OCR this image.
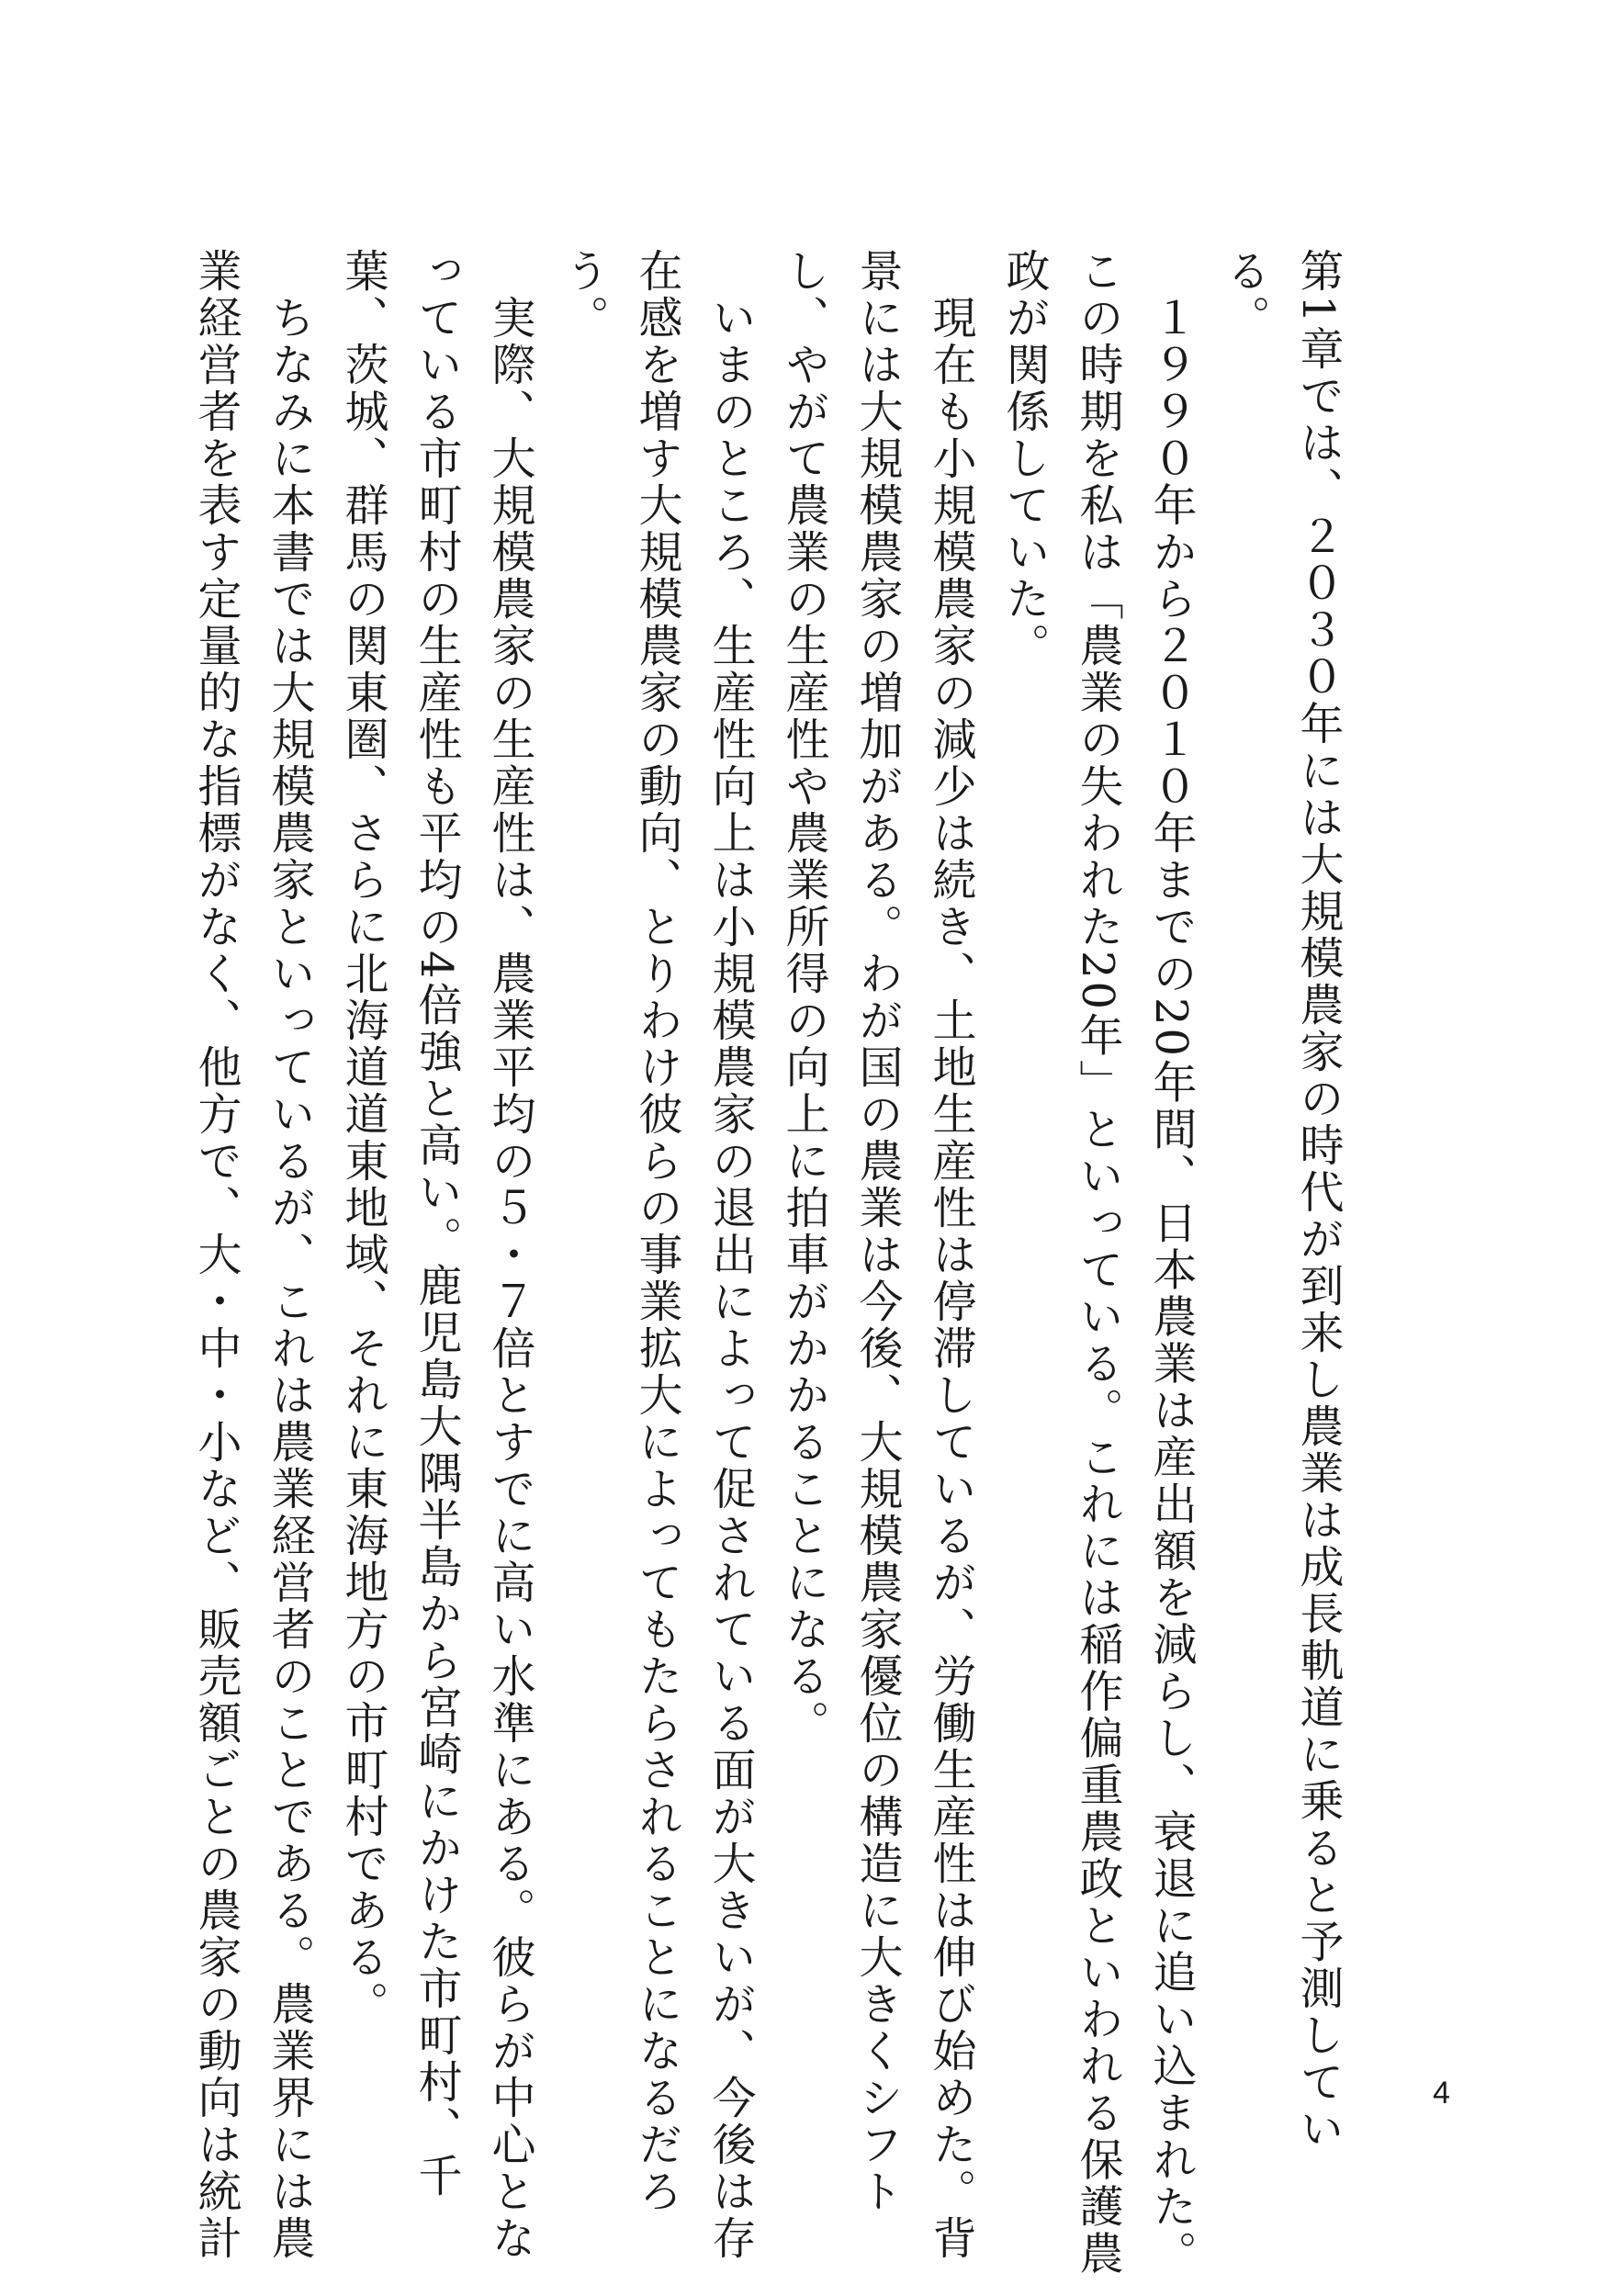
第1章では、２０３０年には大規模農家の時代が到来し農業は成長軌道に乗ると予測してい
る。
　１９９０年から２０１０年までの20年間、日本農業は産出額を減らし、衰退に追い込まれた。
この時期を私は「農業の失われた20年」といっている。これには稲作偏重農政といわれる保護農
政が関係していた。
　現在も小規模農家の減少は続き、土地生産性は停滞しているが、労働生産性は伸び始めた。背
景には大規模農家の増加がある。わが国の農業は今後、大規模農家優位の構造に大きくシフト
し、やがて農業の生産性や農業所得の向上に拍車がかかることになる。
　いまのところ、生産性向上は小規模農家の退出によって促されている面が大きいが、今後は存
在感を増す大規模農家の動向、とりわけ彼らの事業拡大によってもたらされることになるだろ
う。
　実際、大規模農家の生産性は、農業平均の５・７倍とすでに高い水準にある。彼らが中心とな
っている市町村の生産性も平均の4倍強と高い。鹿児島大隅半島から宮崎にかけた市町村、千
葉、茨城、群馬の関東圏、さらに北海道道東地域、それに東海地方の市町村である。
　ちなみに本書では大規模農家といっているが、これは農業経営者のことである。農業界には農
業経営者を表す定量的な指標がなく、他方で、大・中・小など、販売額ごとの農家の動向は統計	4
